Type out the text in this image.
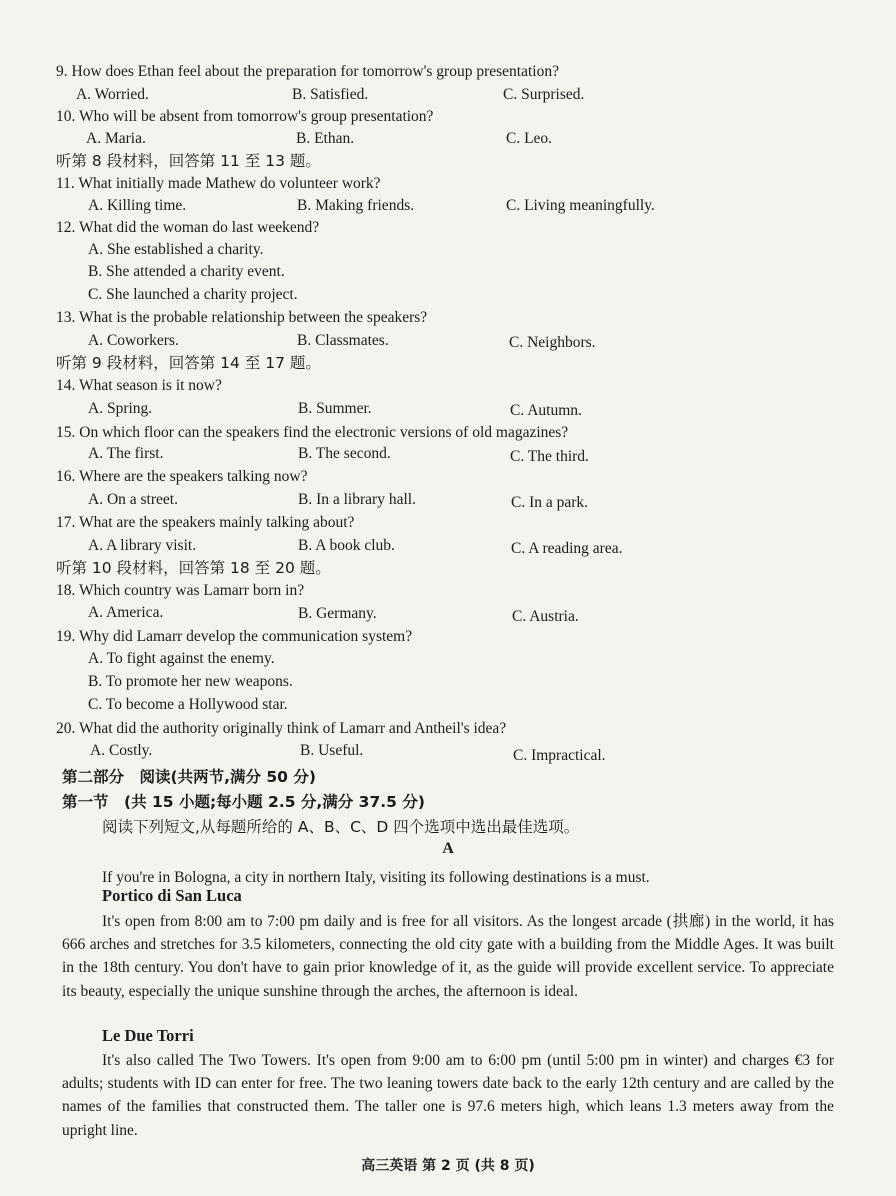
9. How does Ethan feel about the preparation for tomorrow's group presentation?
A. Worried.	B. Satisfied.	C. Surprised.
10. Who will be absent from tomorrow's group presentation?
A. Maria.	B. Ethan.	C. Leo.
听第 8 段材料，回答第 11 至 13 题。
11. What initially made Mathew do volunteer work?
A. Killing time.	B. Making friends.	C. Living meaningfully.
12. What did the woman do last weekend?
A. She established a charity.
B. She attended a charity event.
C. She launched a charity project.
13. What is the probable relationship between the speakers?
A. Coworkers.	B. Classmates.	C. Neighbors.
听第 9 段材料，回答第 14 至 17 题。
14. What season is it now?
A. Spring.	B. Summer.	C. Autumn.
15. On which floor can the speakers find the electronic versions of old magazines?
A. The first.	B. The second.	C. The third.
16. Where are the speakers talking now?
A. On a street.	B. In a library hall.	C. In a park.
17. What are the speakers mainly talking about?
A. A library visit.	B. A book club.	C. A reading area.
听第 10 段材料，回答第 18 至 20 题。
18. Which country was Lamarr born in?
A. America.	B. Germany.	C. Austria.
19. Why did Lamarr develop the communication system?
A. To fight against the enemy.
B. To promote her new weapons.
C. To become a Hollywood star.
20. What did the authority originally think of Lamarr and Antheil's idea?
A. Costly.	B. Useful.	C. Impractical.
第二部分　阅读(共两节,满分 50 分)
第一节　(共 15 小题;每小题 2.5 分,满分 37.5 分)
阅读下列短文,从每题所给的 A、B、C、D 四个选项中选出最佳选项。
A
If you're in Bologna, a city in northern Italy, visiting its following destinations is a must.
Portico di San Luca
It's open from 8:00 am to 7:00 pm daily and is free for all visitors. As the longest arcade (拱廊) in the world, it has 666 arches and stretches for 3.5 kilometers, connecting the old city gate with a building from the Middle Ages. It was built in the 18th century. You don't have to gain prior knowledge of it, as the guide will provide excellent service. To appreciate its beauty, especially the unique sunshine through the arches, the afternoon is ideal.
Le Due Torri
It's also called The Two Towers. It's open from 9:00 am to 6:00 pm (until 5:00 pm in winter) and charges €3 for adults; students with ID can enter for free. The two leaning towers date back to the early 12th century and are called by the names of the families that constructed them. The taller one is 97.6 meters high, which leans 1.3 meters away from the upright line.
高三英语 第 2 页 (共 8 页)
